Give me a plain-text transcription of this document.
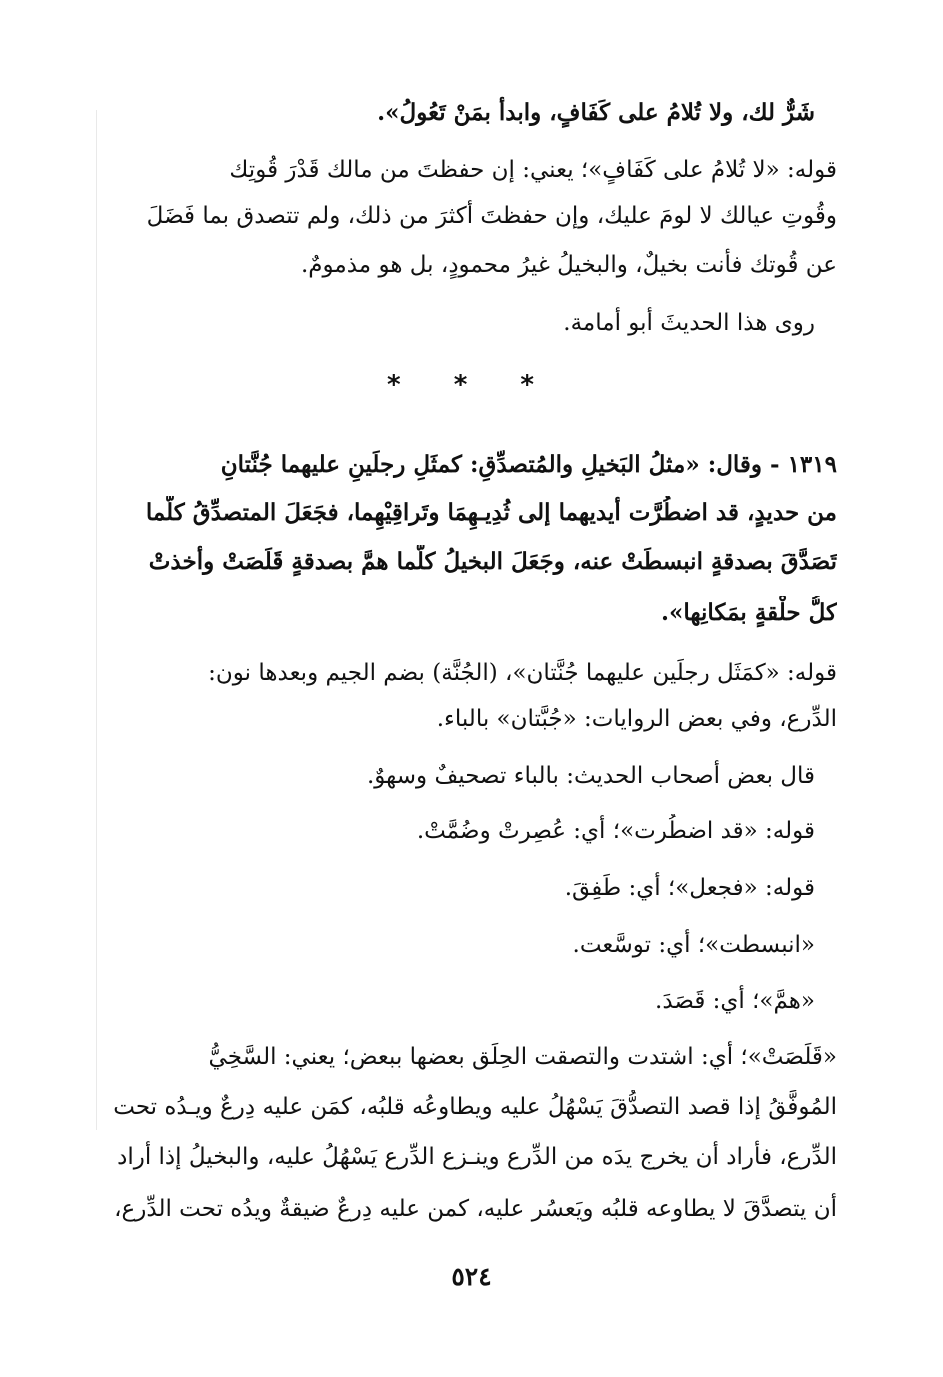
شَرٌّ لك، ولا تُلامُ على كَفَافٍ، وابدأ بمَنْ تَعُولُ».
قوله: «لا تُلامُ على كَفَافٍ»؛ يعني: إن حفظتَ من مالك قَدْرَ قُوتِك
وقُوتِ عيالك لا لومَ عليك، وإن حفظتَ أكثرَ من ذلك، ولم تتصدق بما فَضَلَ
عن قُوتك فأنت بخيلٌ، والبخيلُ غيرُ محمودٍ، بل هو مذمومٌ.
روى هذا الحديثَ أبو أمامة.
* * *
١٣١٩ - وقال: «مثلُ البَخيلِ والمُتصدِّقِ: كمثَلِ رجلَينِ عليهما جُنَّتانِ
من حديدٍ، قد اضطُرَّت أيديهما إلى ثُدِيـهِمَا وتَراقِيْهِما، فجَعَلَ المتصدِّقُ كلَّما
تَصَدَّقَ بصدقةٍ انبسطَتْ عنه، وجَعَلَ البخيلُ كلَّما همَّ بصدقةٍ قَلَصَتْ وأخذتْ
كلُّ حلْقةٍ بمَكانِها».
قوله: «كمَثَل رجلَين عليهما جُنَّتان»، (الجُنَّة) بضم الجيم وبعدها نون:
الدِّرع، وفي بعض الروايات: «جُبَّتان» بالباء.
قال بعض أصحاب الحديث: بالباء تصحيفٌ وسهوٌ.
قوله: «قد اضطُرت»؛ أي: عُصِرتْ وضُمَّتْ.
قوله: «فجعل»؛ أي: طَفِقَ.
«انبسطت»؛ أي: توسَّعت.
«همَّ»؛ أي: قَصَدَ.
«قَلَصَتْ»؛ أي: اشتدت والتصقت الحِلَق بعضها ببعض؛ يعني: السَّخِيُّ
المُوفَّقُ إذا قصد التصدُّقَ يَسْهُلُ عليه ويطاوعُه قلبُه، كمَن عليه دِرعٌ ويـدُه تحت
الدِّرع، فأراد أن يخرج يدَه من الدِّرع وينـزع الدِّرع يَسْهُلُ عليه، والبخيلُ إذا أراد
أن يتصدَّقَ لا يطاوعه قلبُه ويَعسُر عليه، كمن عليه دِرعٌ ضيقةٌ ويدُه تحت الدِّرع،
٥٢٤
